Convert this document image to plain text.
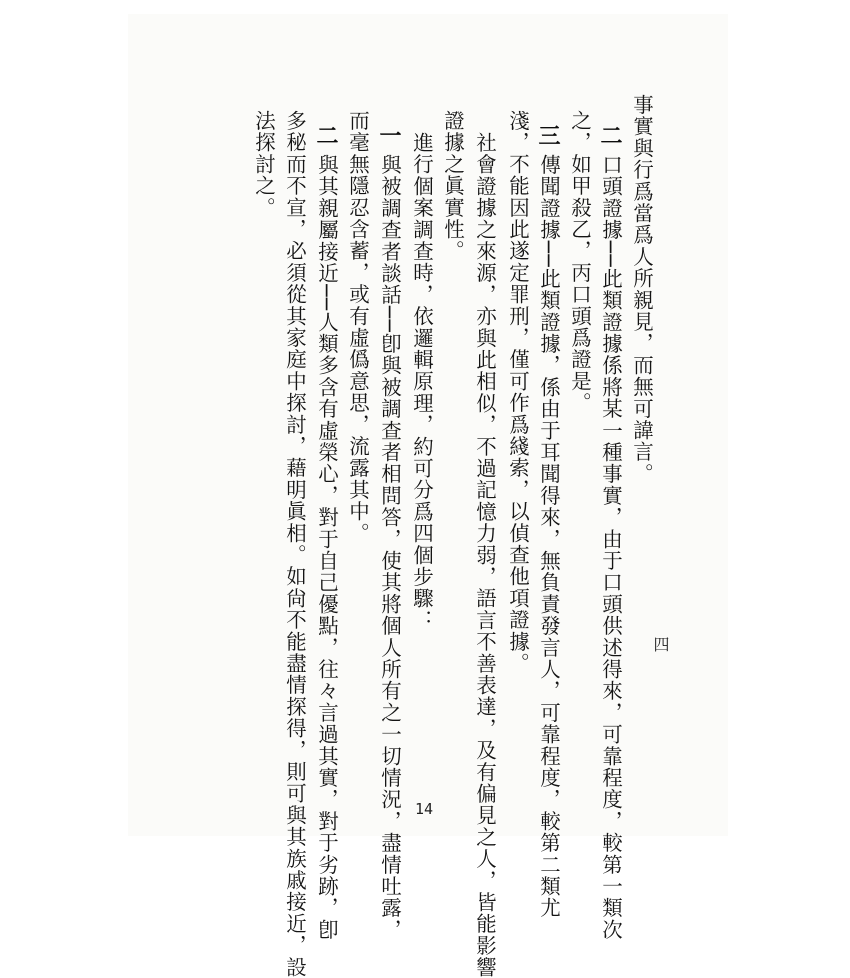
四
事實與行爲當爲人所親見，而無可諱言。
二
口頭證據──此類證據係將某一種事實，由于口頭供述得來，可靠程度，較第一類次
之，如甲殺乙，丙口頭爲證是。
三
傳聞證據──此類證據，係由于耳聞得來，無負責發言人，可靠程度，較第二類尤
淺，不能因此遂定罪刑，僅可作爲綫索，以偵查他項證據。
社會證據之來源，亦與此相似，不過記憶力弱，語言不善表達，及有偏見之人，皆能影響
證據之眞實性。
進行個案調查時，依邏輯原理，約可分爲四個步驟：
一
與被調查者談話──卽與被調查者相問答，使其將個人所有之一切情況，盡情吐露，
而毫無隱忍含蓄，或有虛僞意思，流露其中。
二
與其親屬接近──人類多含有虛榮心，對于自己優點，往々言過其實，對于劣跡，卽
多秘而不宣，必須從其家庭中探討，藉明眞相。如尙不能盡情探得，則可與其族戚接近，設
法探討之。
14
